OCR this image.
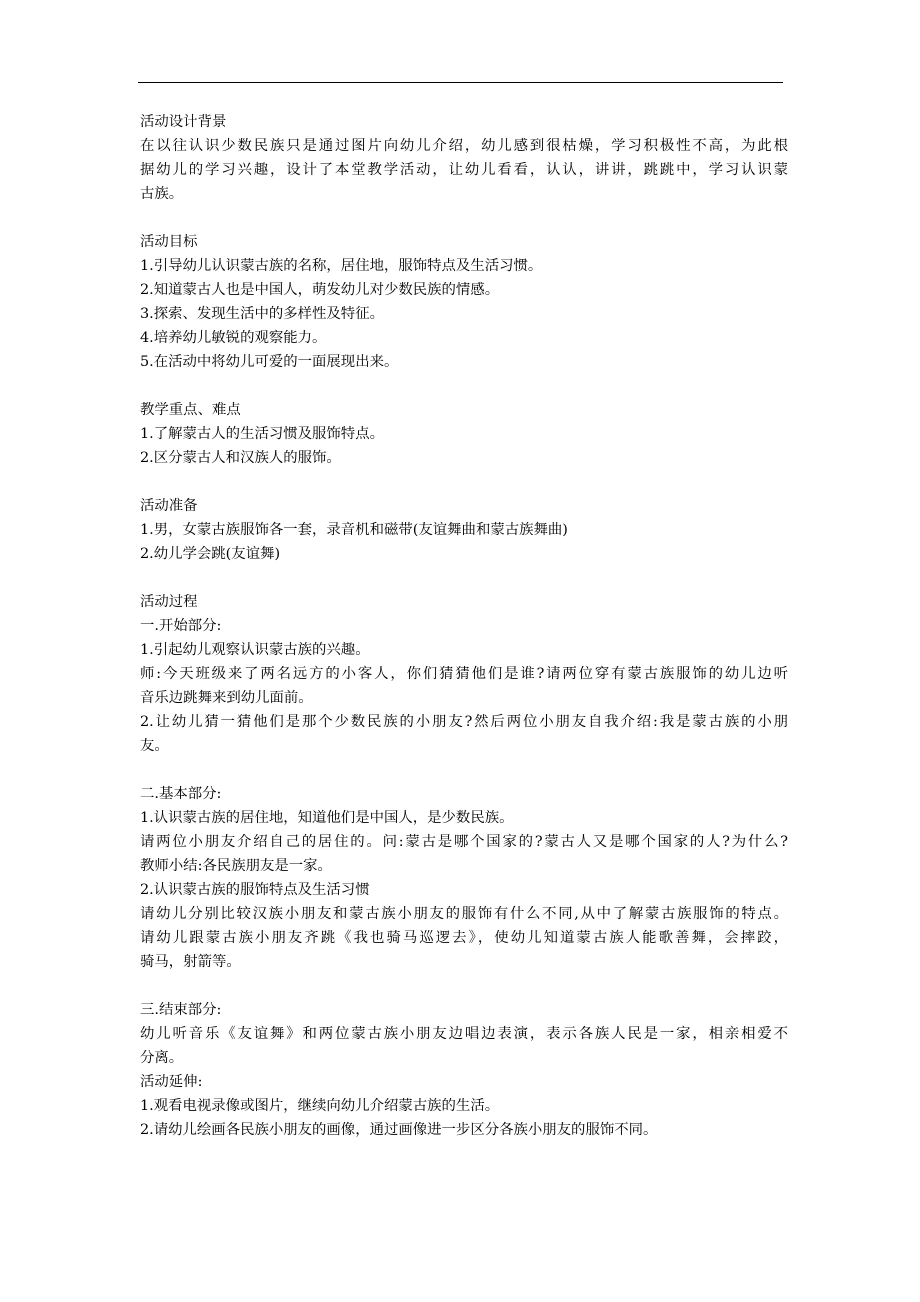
活动设计背景

在以往认识少数民族只是通过图片向幼儿介绍，幼儿感到很枯燥，学习积极性不高，为此根

据幼儿的学习兴趣，设计了本堂教学活动，让幼儿看看，认认，讲讲，跳跳中，学习认识蒙

古族。

活动目标

1.引导幼儿认识蒙古族的名称，居住地，服饰特点及生活习惯。

2.知道蒙古人也是中国人，萌发幼儿对少数民族的情感。

3.探索、发现生活中的多样性及特征。

4.培养幼儿敏锐的观察能力。

5.在活动中将幼儿可爱的一面展现出来。

教学重点、难点

1.了解蒙古人的生活习惯及服饰特点。

2.区分蒙古人和汉族人的服饰。

活动准备

1.男，女蒙古族服饰各一套，录音机和磁带(友谊舞曲和蒙古族舞曲)

2.幼儿学会跳(友谊舞)

活动过程

一.开始部分:

1.引起幼儿观察认识蒙古族的兴趣。

师:今天班级来了两名远方的小客人，你们猜猜他们是谁?请两位穿有蒙古族服饰的幼儿边听

音乐边跳舞来到幼儿面前。

2.让幼儿猜一猜他们是那个少数民族的小朋友?然后两位小朋友自我介绍:我是蒙古族的小朋

友。

二.基本部分:

1.认识蒙古族的居住地，知道他们是中国人，是少数民族。

请两位小朋友介绍自己的居住的。问:蒙古是哪个国家的?蒙古人又是哪个国家的人?为什么?

教师小结:各民族朋友是一家。

2.认识蒙古族的服饰特点及生活习惯

请幼儿分别比较汉族小朋友和蒙古族小朋友的服饰有什么不同,从中了解蒙古族服饰的特点。

请幼儿跟蒙古族小朋友齐跳《我也骑马巡逻去》，使幼儿知道蒙古族人能歌善舞，会摔跤，

骑马，射箭等。

三.结束部分:

幼儿听音乐《友谊舞》和两位蒙古族小朋友边唱边表演，表示各族人民是一家，相亲相爱不

分离。

活动延伸:

1.观看电视录像或图片，继续向幼儿介绍蒙古族的生活。

2.请幼儿绘画各民族小朋友的画像，通过画像进一步区分各族小朋友的服饰不同。
